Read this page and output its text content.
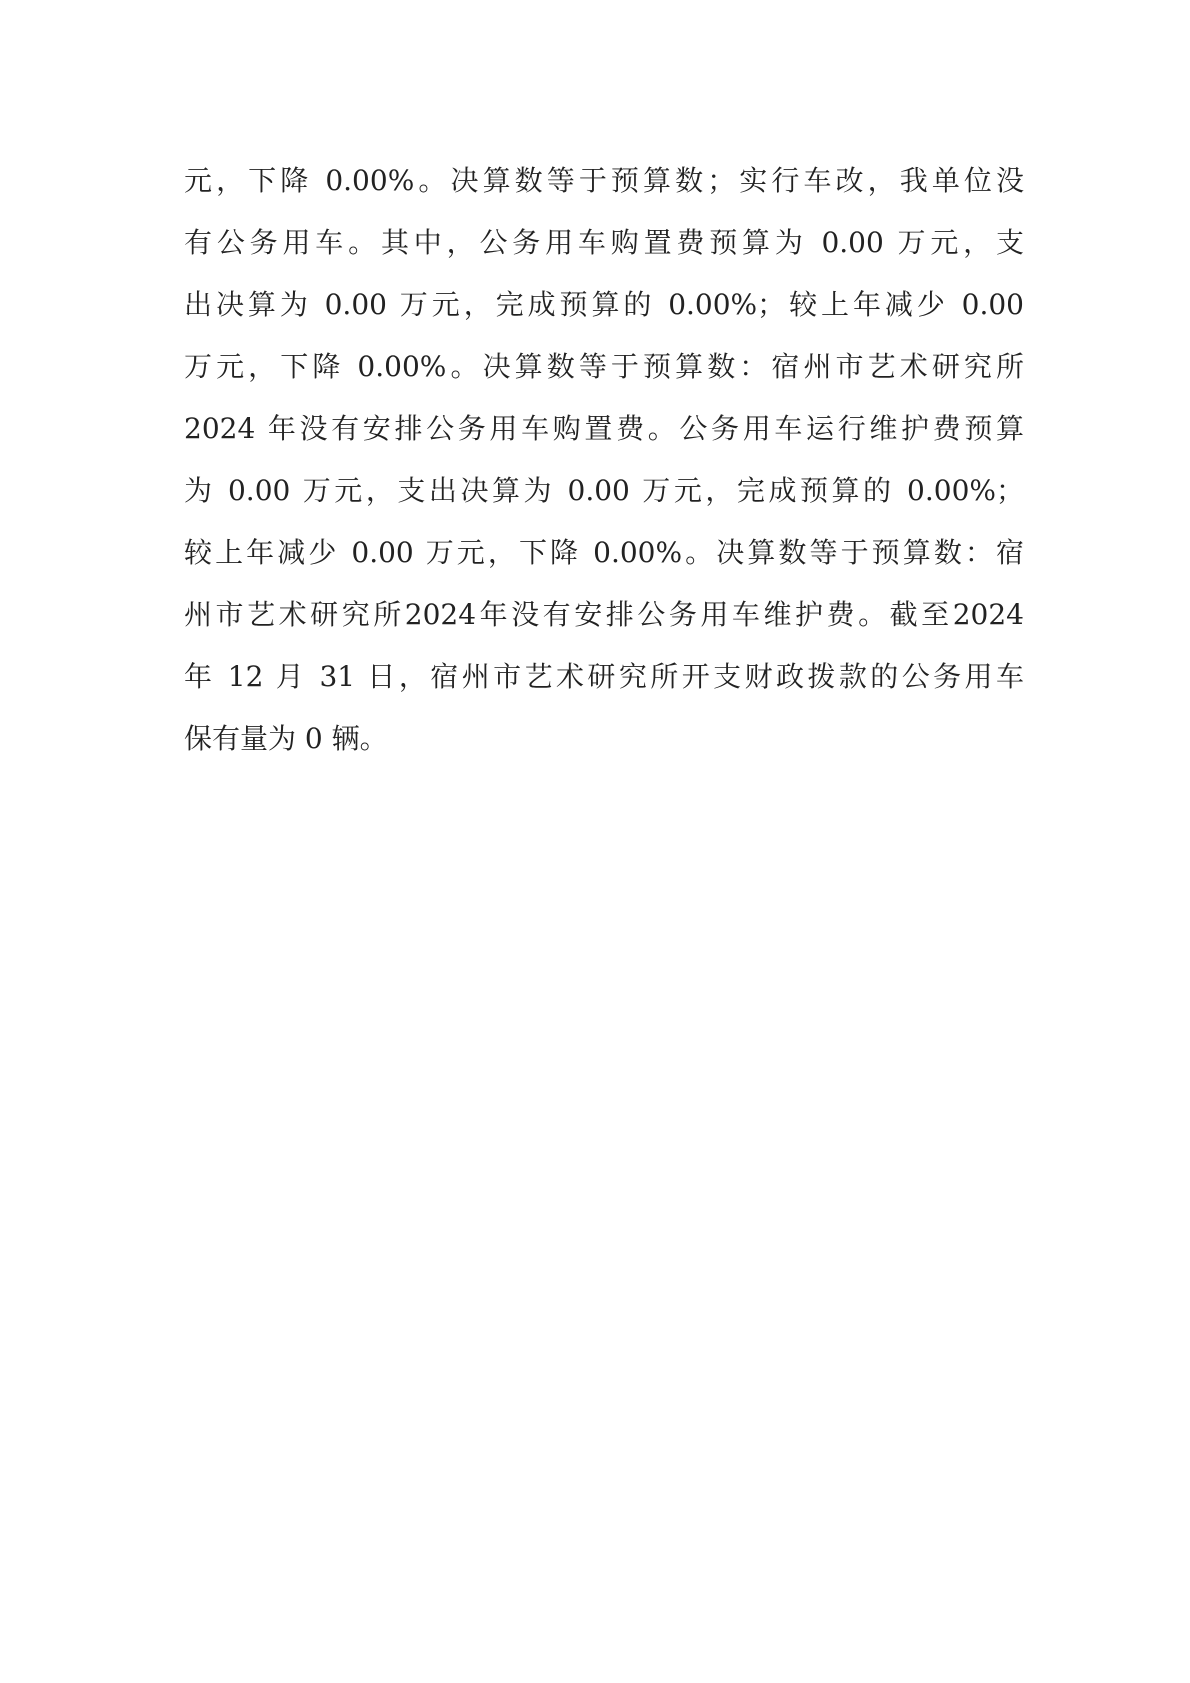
元，下降 0.00%。决算数等于预算数；实行车改，我单位没
有公务用车。其中，公务用车购置费预算为 0.00 万元，支
出决算为 0.00 万元，完成预算的 0.00%；较上年减少 0.00
万元，下降 0.00%。决算数等于预算数：宿州市艺术研究所
2024 年没有安排公务用车购置费。公务用车运行维护费预算
为 0.00 万元，支出决算为 0.00 万元，完成预算的 0.00%；
较上年减少 0.00 万元，下降 0.00%。决算数等于预算数：宿
州市艺术研究所2024年没有安排公务用车维护费。截至2024
年 12 月 31 日，宿州市艺术研究所开支财政拨款的公务用车
保有量为 0 辆。
